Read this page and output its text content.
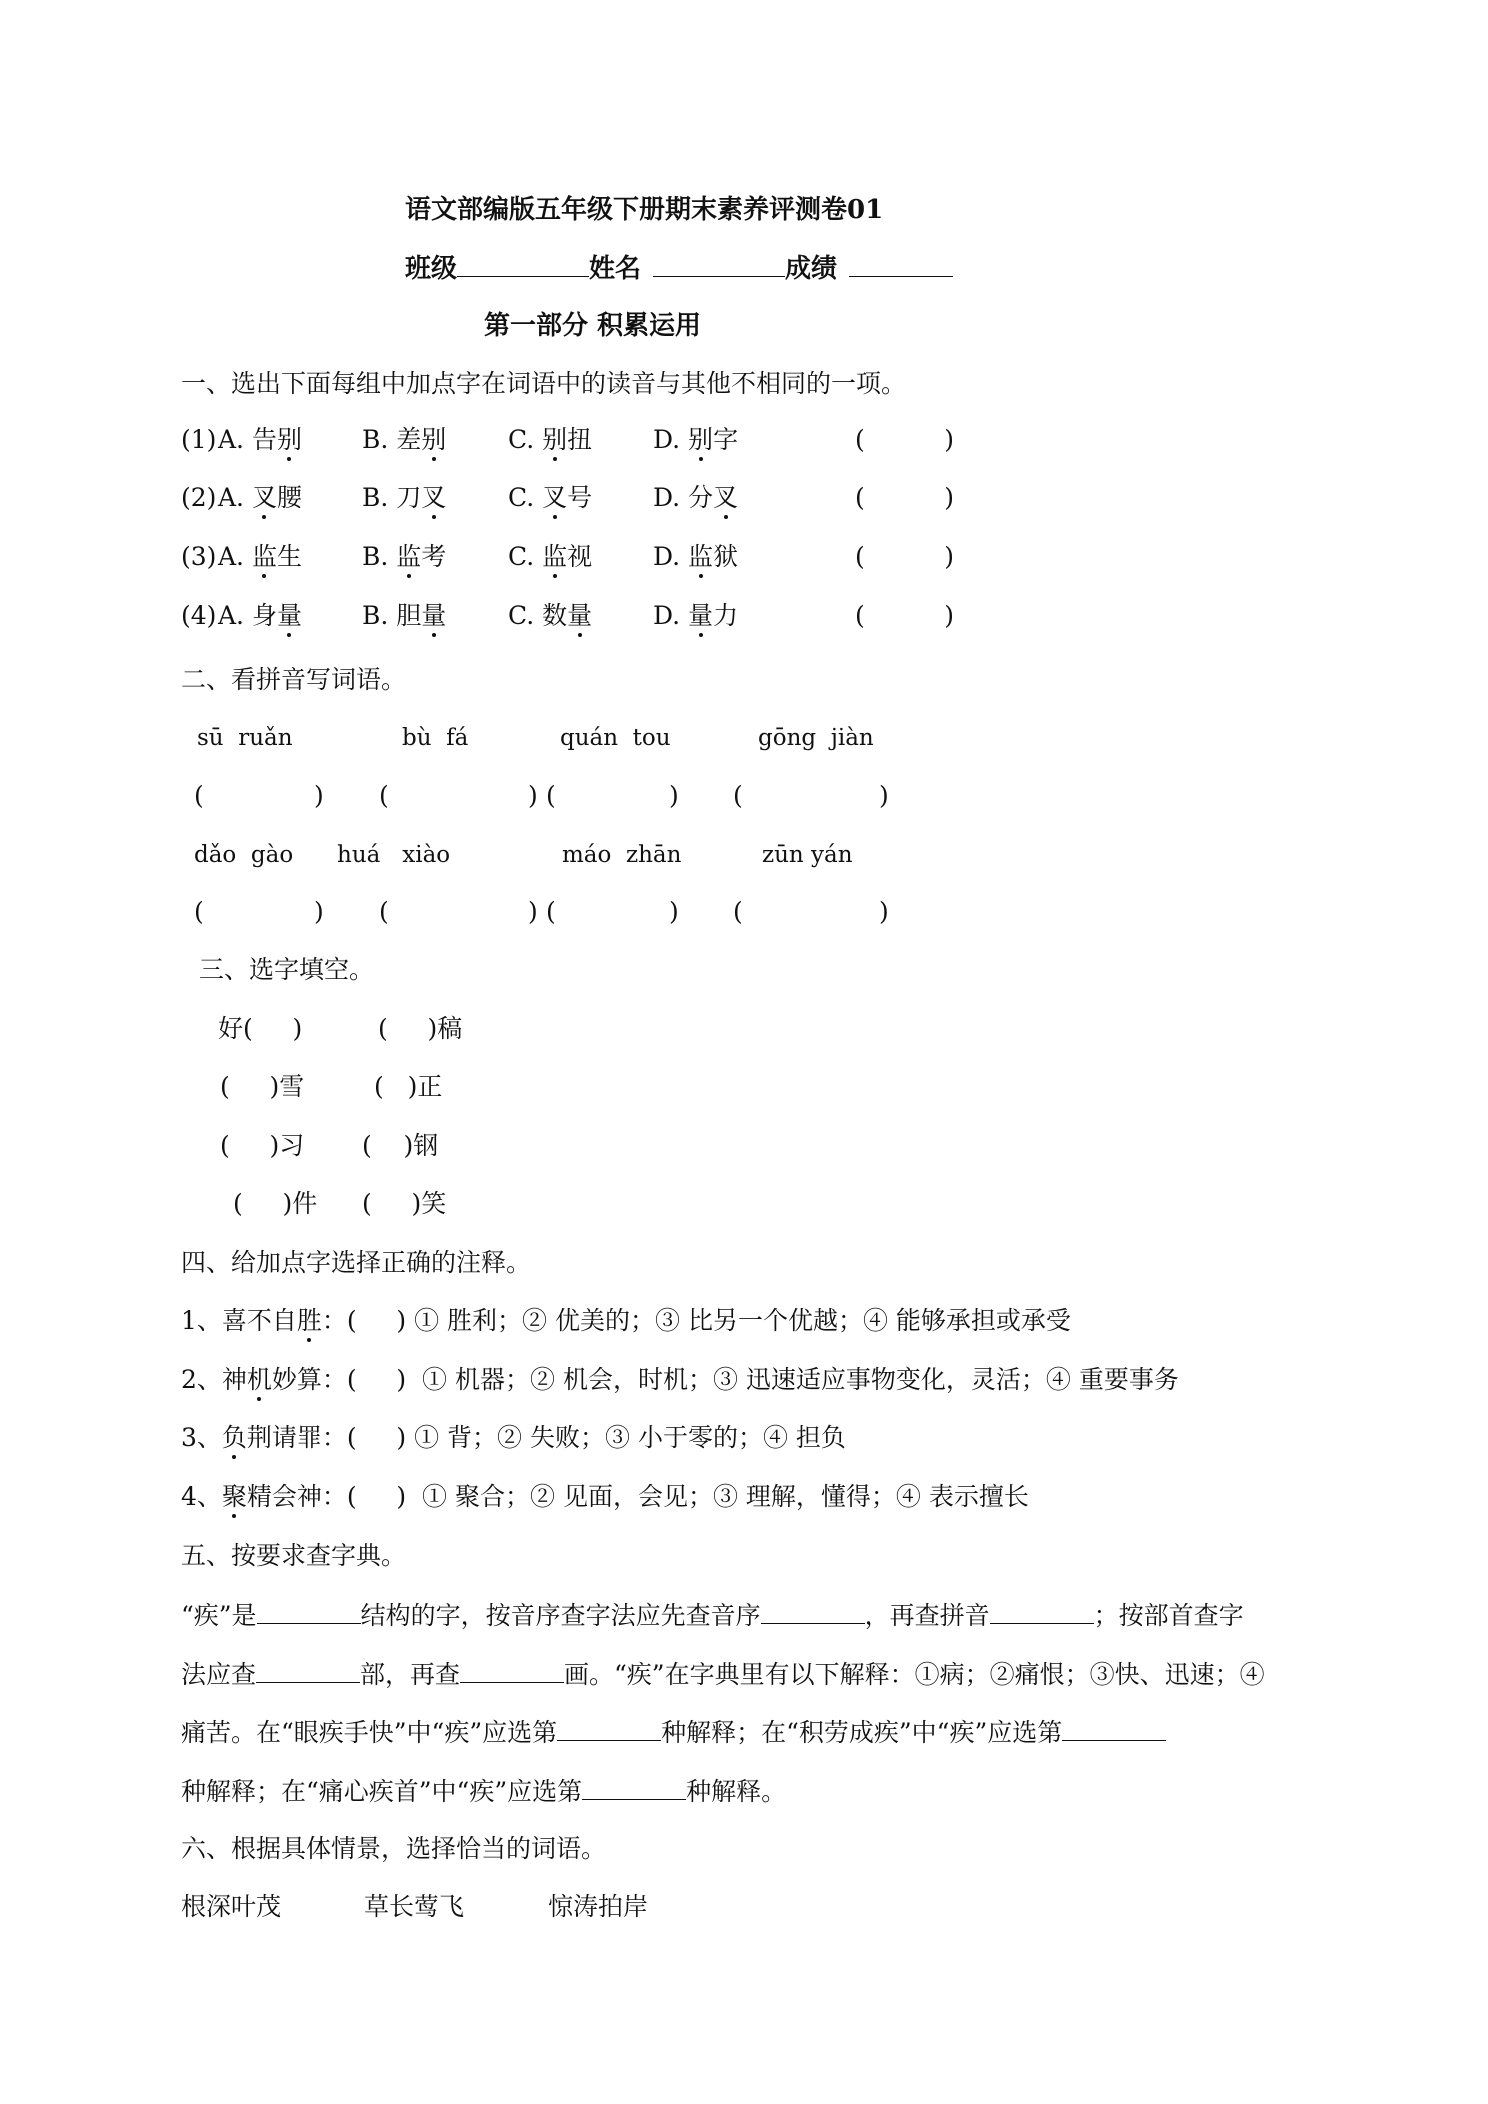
语文部编版五年级下册期末素养评测卷01
班级	姓名	成绩
第一部分 积累运用
一、选出下面每组中加点字在词语中的读音与其他不相同的一项。
(1) A. 告别 B. 差别 C. 别扭 D. 别字	(          )
(2) A. 叉腰 B. 刀叉 C. 叉号 D. 分叉	(          )
(3) A. 监生 B. 监考 C. 监视 D. 监狱	(          )
(4) A. 身量 B. 胆量 C. 数量 D. 量力	(          )
二、看拼音写词语。
sū  ruǎn	bù  fá	quán  tou	gōng  jiàn
(	) (	) (	) (	)
dǎo  gào huá   xiào	máo  zhān	zūn yán
(	) (	) (	) (	)
三、选字填空。
好(     )	(     )稿
(     )雪	(   )正
(     )习 (    )钢
(     )件 (     )笑
四、给加点字选择正确的注释。
1、喜不自胜：(     ) ① 胜利；② 优美的；③ 比另一个优越；④ 能够承担或承受
2、神机妙算：(     )  ① 机器；② 机会，时机；③ 迅速适应事物变化，灵活；④ 重要事务
3、负荆请罪：(     ) ① 背；② 失败；③ 小于零的；④ 担负
4、聚精会神：(     )  ① 聚合；② 见面，会见；③ 理解，懂得；④ 表示擅长
五、按要求查字典。
“疾”是	结构的字，按音序查字法应先查音序	，再查拼音	；按部首查字
法应查	部，再查	画。“疾”在字典里有以下解释：①病；②痛恨；③快、迅速；④
痛苦。在“眼疾手快”中“疾”应选第	种解释；在“积劳成疾”中“疾”应选第
种解释；在“痛心疾首”中“疾”应选第	种解释。
六、根据具体情景，选择恰当的词语。
根深叶茂	草长莺飞	惊涛拍岸
